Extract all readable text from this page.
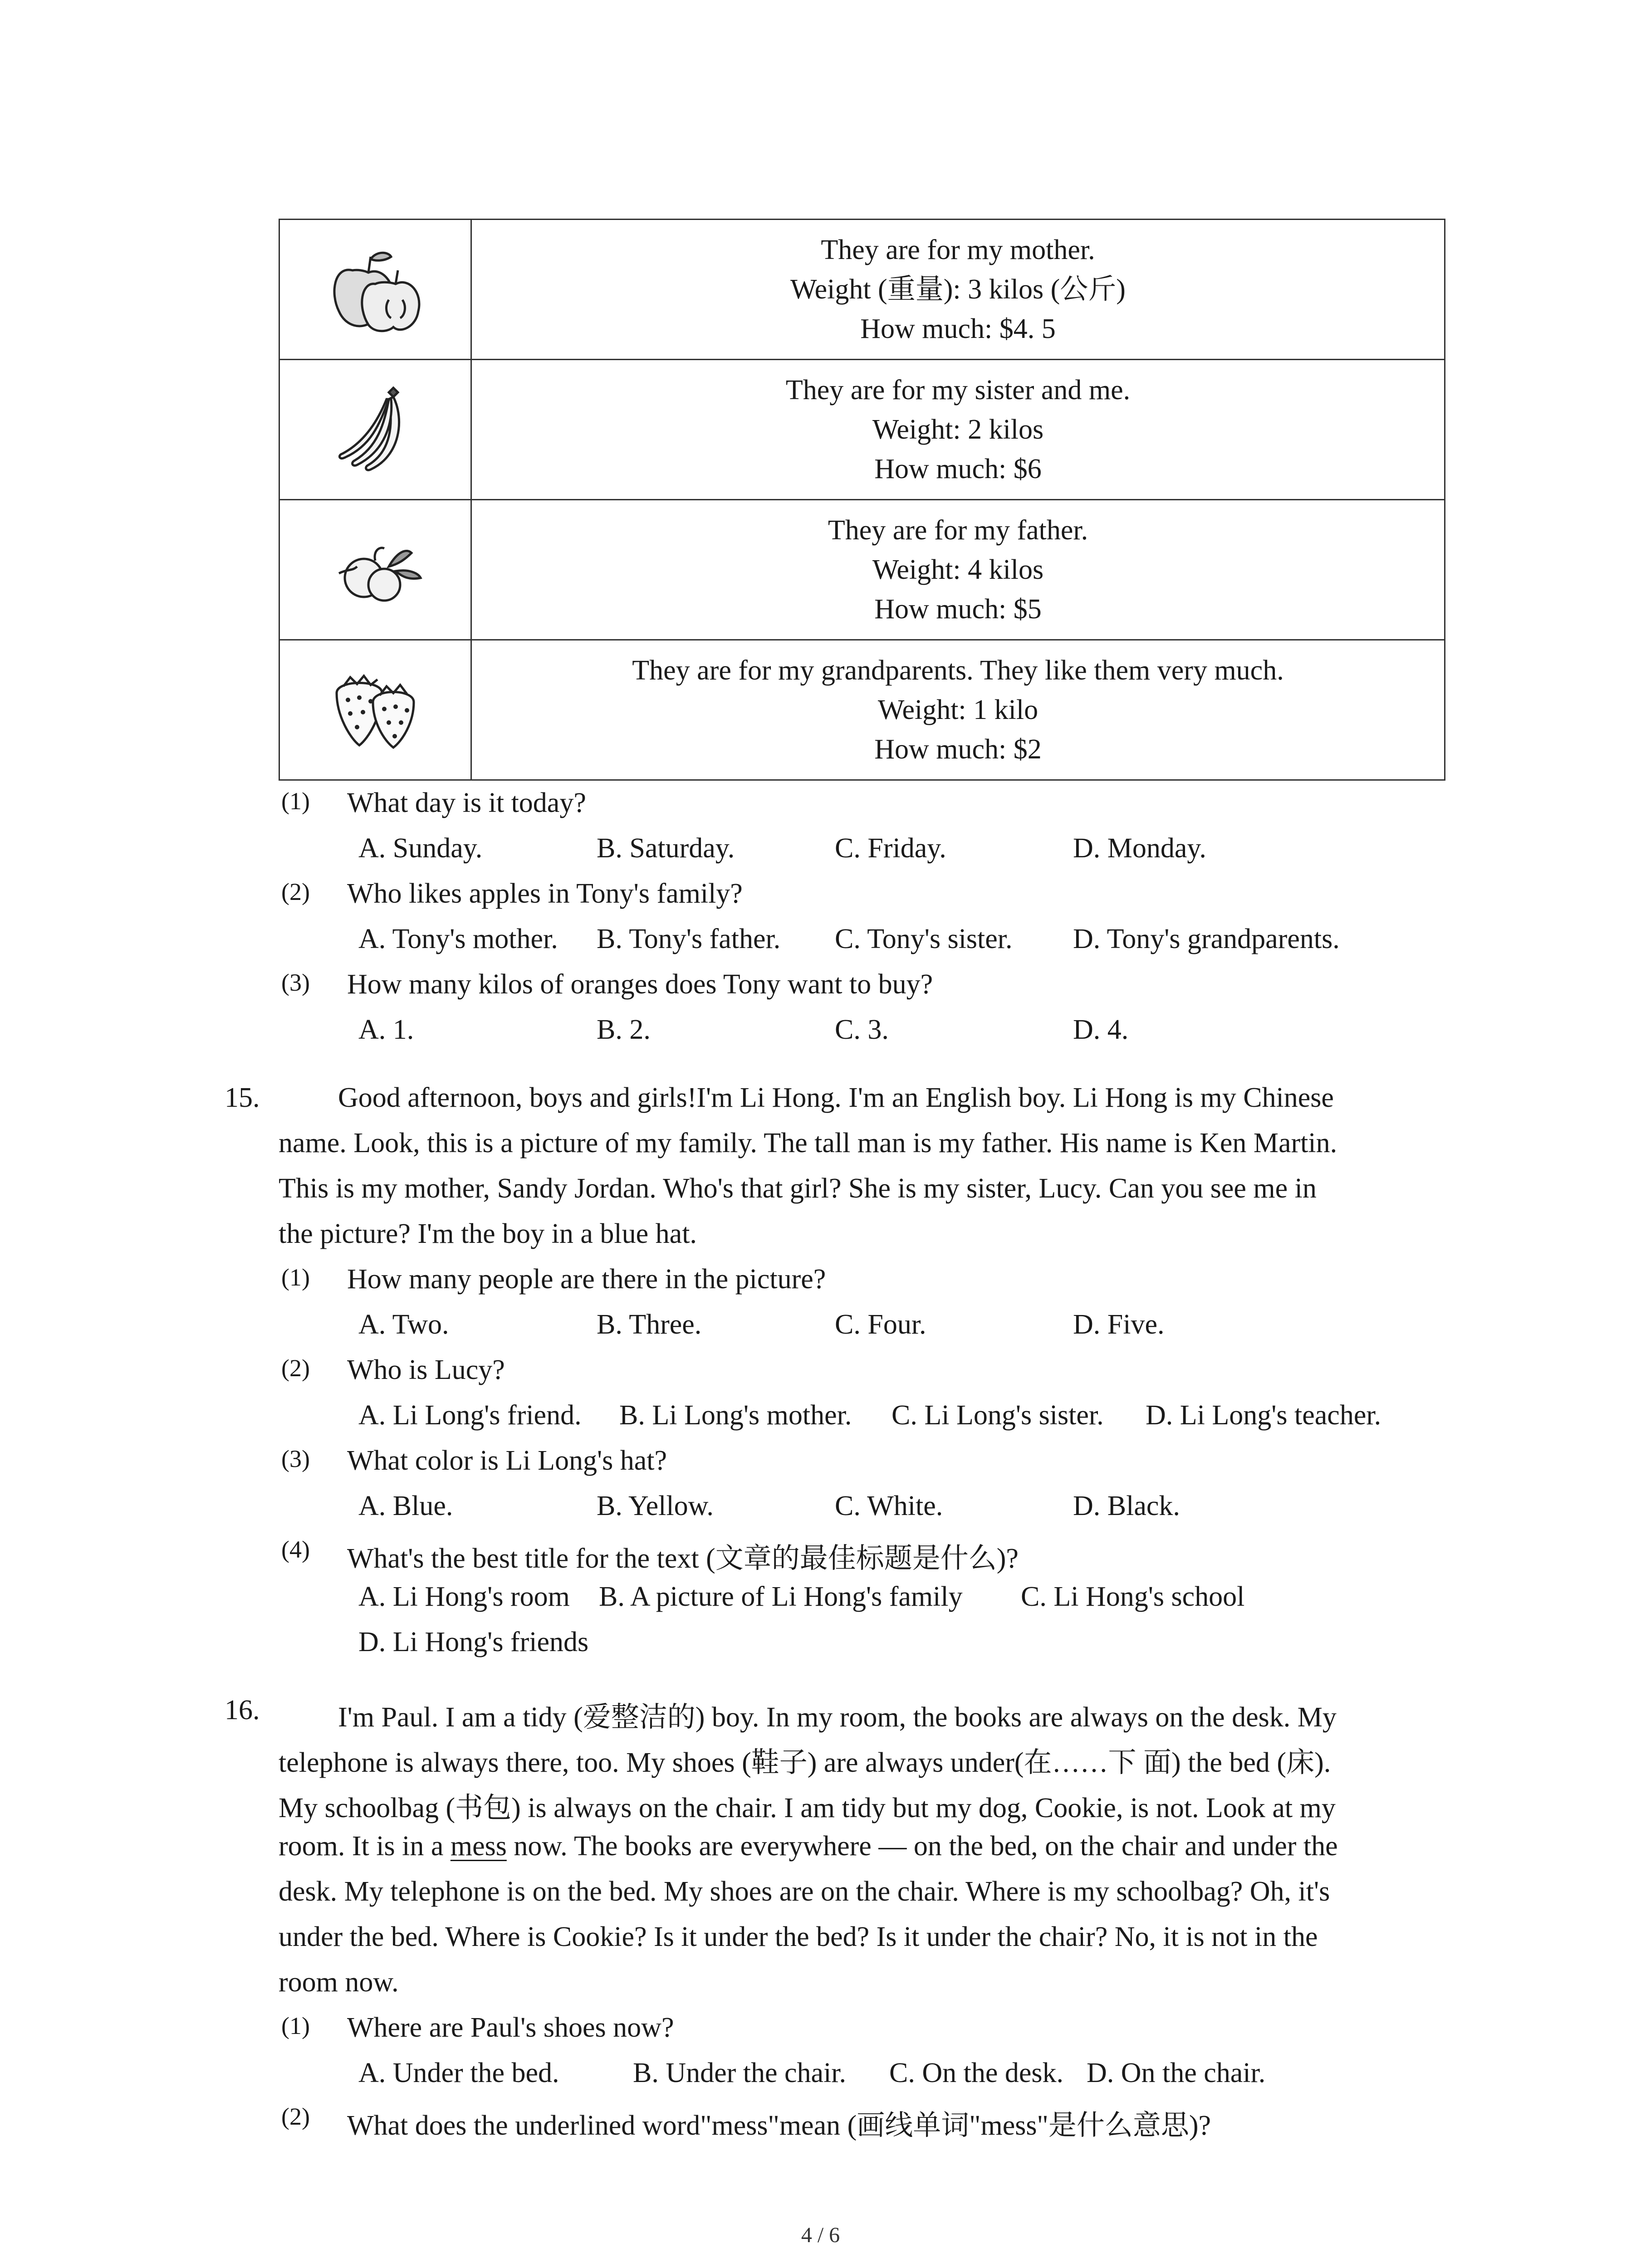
They are for my mother.
Weight (重量): 3 kilos (公斤)
How much: $4. 5

They are for my sister and me.
Weight: 2 kilos
How much: $6

They are for my father.
Weight: 4 kilos
How much: $5

They are for my grandparents. They like them very much.
Weight: 1 kilo
How much: $2
(1) What day is it today?
A. Sunday.	B. Saturday.	C. Friday.	D. Monday.
(2) Who likes apples in Tony's family?
A. Tony's mother. B. Tony's father. C. Tony's sister. D. Tony's grandparents.
(3) How many kilos of oranges does Tony want to buy?
A. 1.	B. 2.	C. 3.	D. 4.
15.	Good afternoon, boys and girls!I'm Li Hong. I'm an English boy. Li Hong is my Chinese
name. Look, this is a picture of my family. The tall man is my father. His name is Ken Martin.
This is my mother, Sandy Jordan. Who's that girl? She is my sister, Lucy. Can you see me in
the picture? I'm the boy in a blue hat.
(1) How many people are there in the picture?
A. Two.	B. Three.	C. Four.	D. Five.
(2) Who is Lucy?
A. Li Long's friend. B. Li Long's mother. C. Li Long's sister. D. Li Long's teacher.
(3) What color is Li Long's hat?
A. Blue.	B. Yellow.	C. White.	D. Black.
(4) What's the best title for the text (文章的最佳标题是什么)?
A. Li Hong's room B. A picture of Li Hong's family C. Li Hong's school
D. Li Hong's friends
16.	I'm Paul. I am a tidy (爱整洁的) boy. In my room, the books are always on the desk. My
telephone is always there, too. My shoes (鞋子) are always under(在……下 面) the bed (床).
My schoolbag (书包) is always on the chair. I am tidy but my dog, Cookie, is not. Look at my
room. It is in a mess now. The books are everywhere — on the bed, on the chair and under the
desk. My telephone is on the bed. My shoes are on the chair. Where is my schoolbag? Oh, it's
under the bed. Where is Cookie? Is it under the bed? Is it under the chair? No, it is not in the
room now.
(1) Where are Paul's shoes now?
A. Under the bed.	B. Under the chair. C. On the desk. D. On the chair.
(2) What does the underlined word"mess"mean (画线单词"mess"是什么意思)?
4 / 6
